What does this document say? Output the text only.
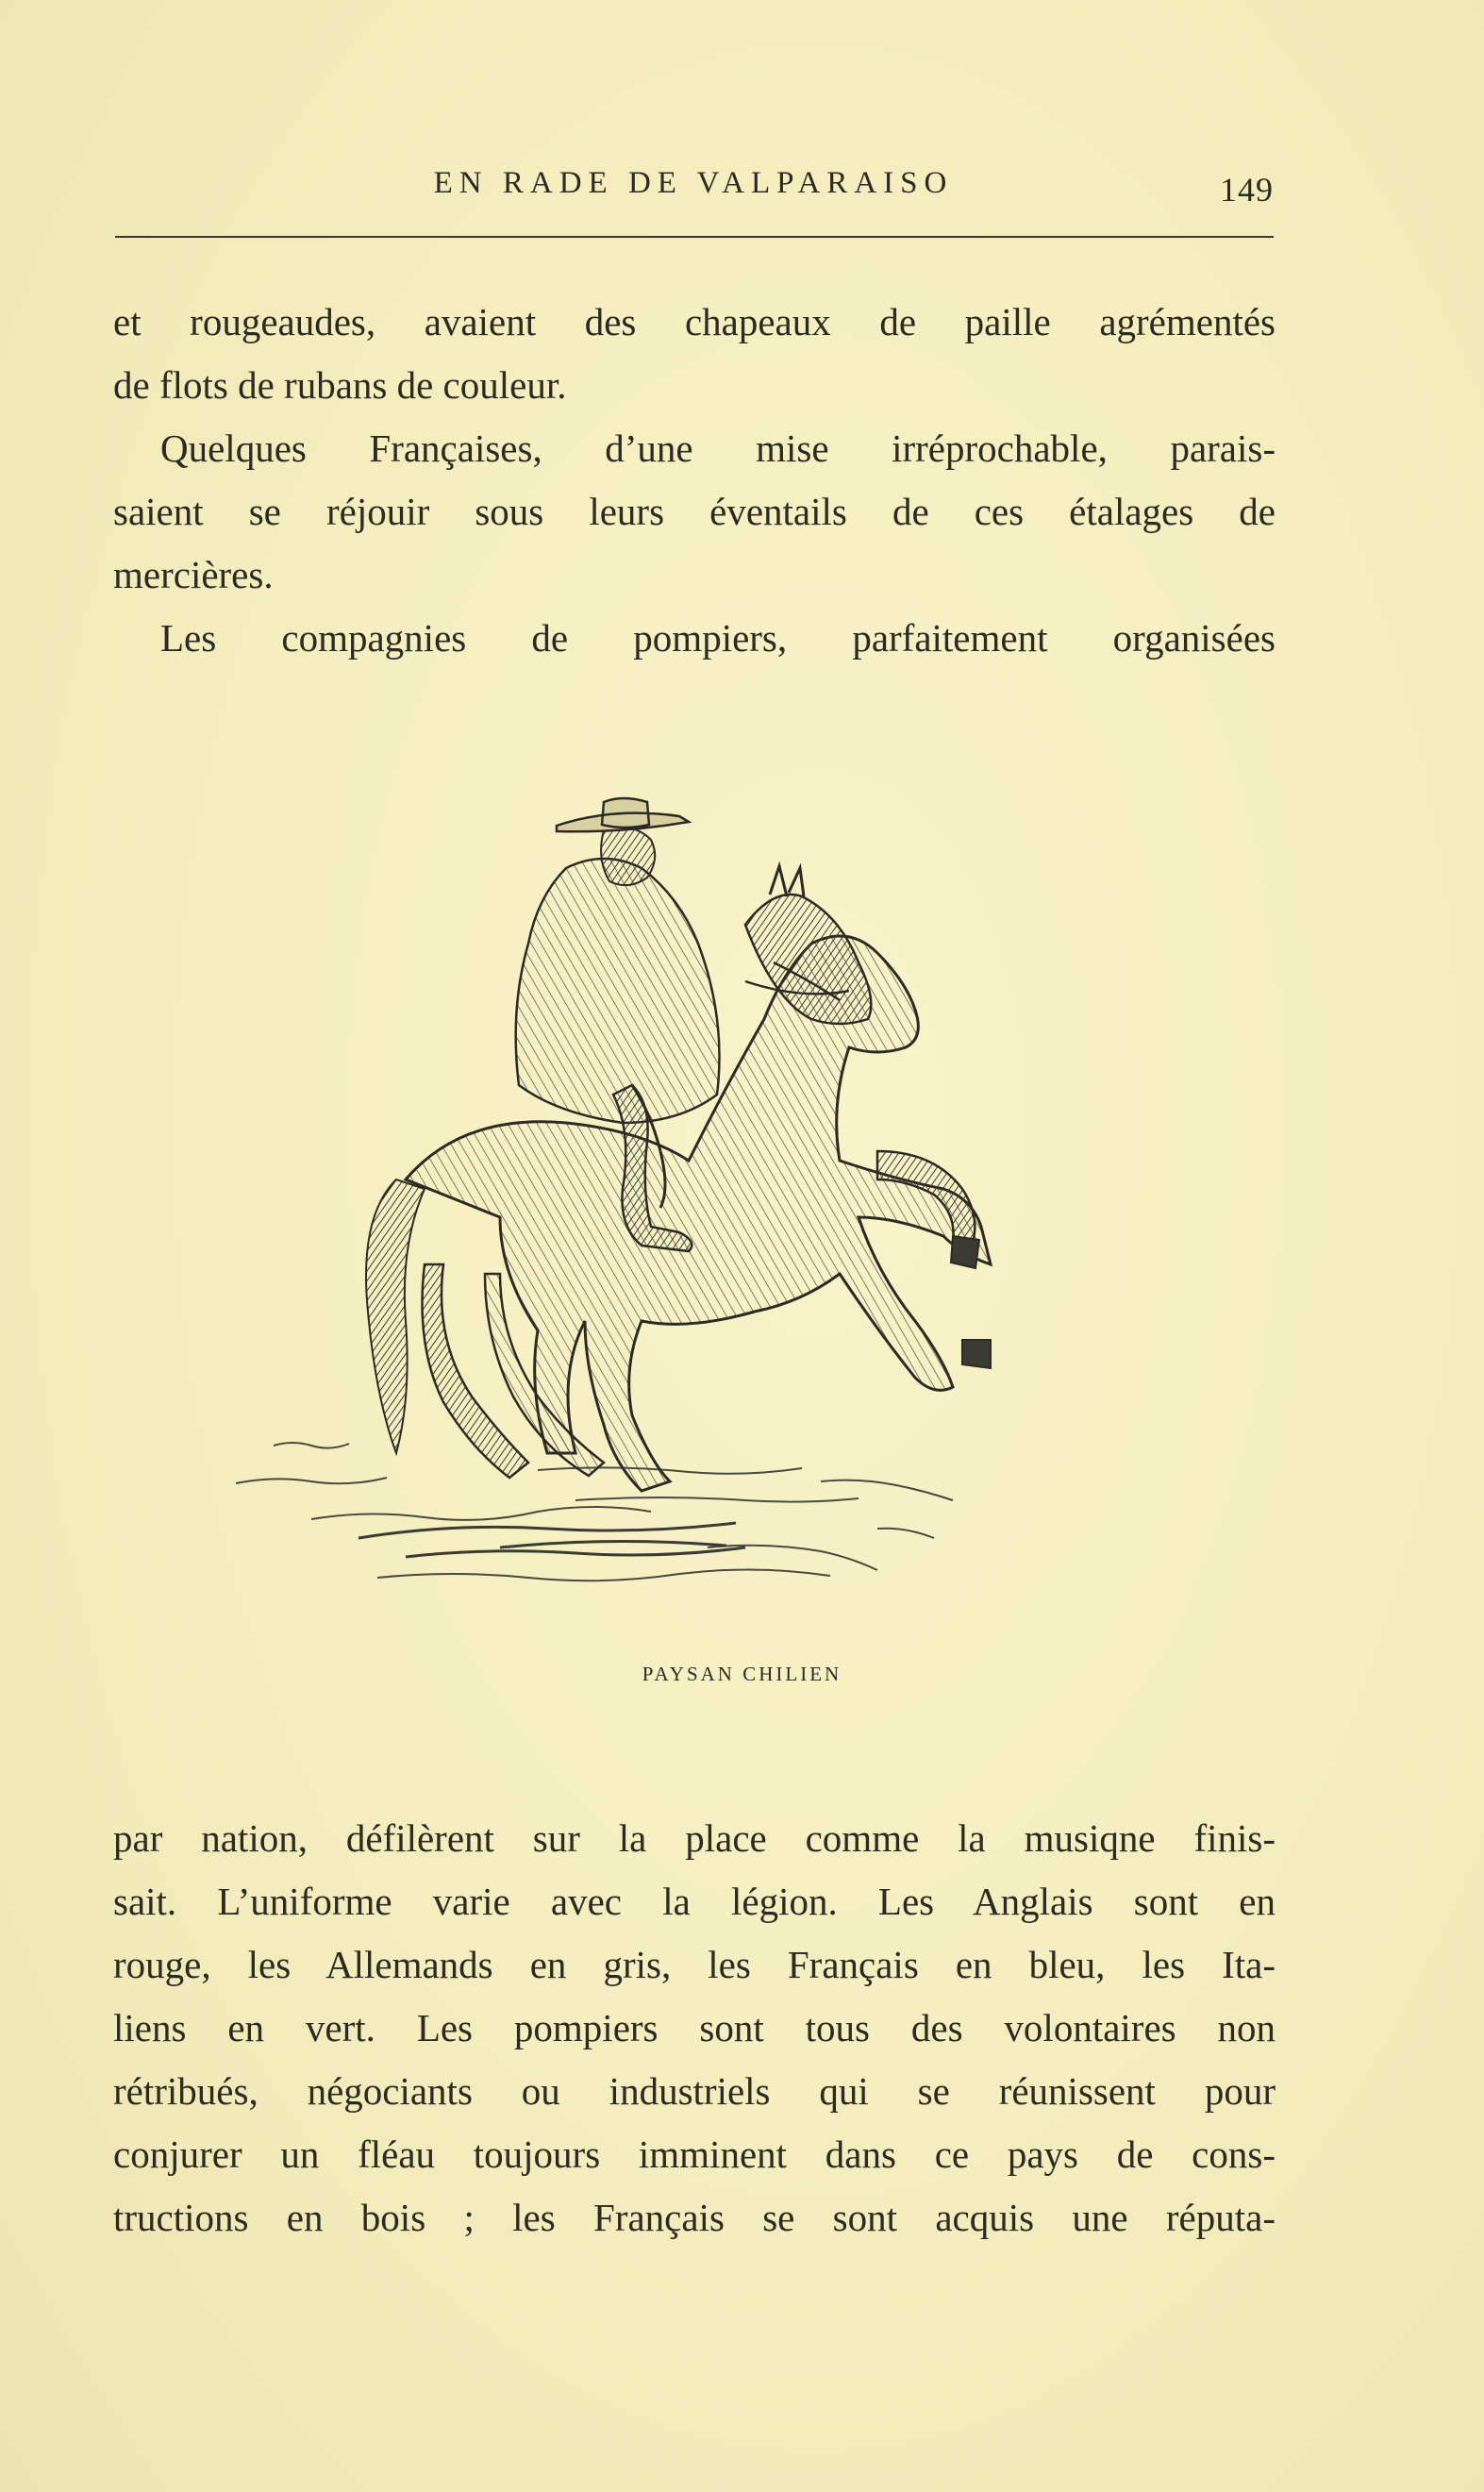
EN RADE DE VALPARAISO	149

et rougeaudes, avaient des chapeaux de paille agrémentés

de flots de rubans de couleur.

Quelques Françaises, d’une mise irréprochable, parais-

saient se réjouir sous leurs éventails de ces étalages de

mercières.

Les compagnies de pompiers, parfaitement organisées

PAYSAN CHILIEN

par nation, défilèrent sur la place comme la musiqne finis-

sait. L’uniforme varie avec la légion. Les Anglais sont en

rouge, les Allemands en gris, les Français en bleu, les Ita-

liens en vert. Les pompiers sont tous des volontaires non

rétribués, négociants ou industriels qui se réunissent pour

conjurer un fléau toujours imminent dans ce pays de cons-

tructions en bois ; les Français se sont acquis une réputa-
